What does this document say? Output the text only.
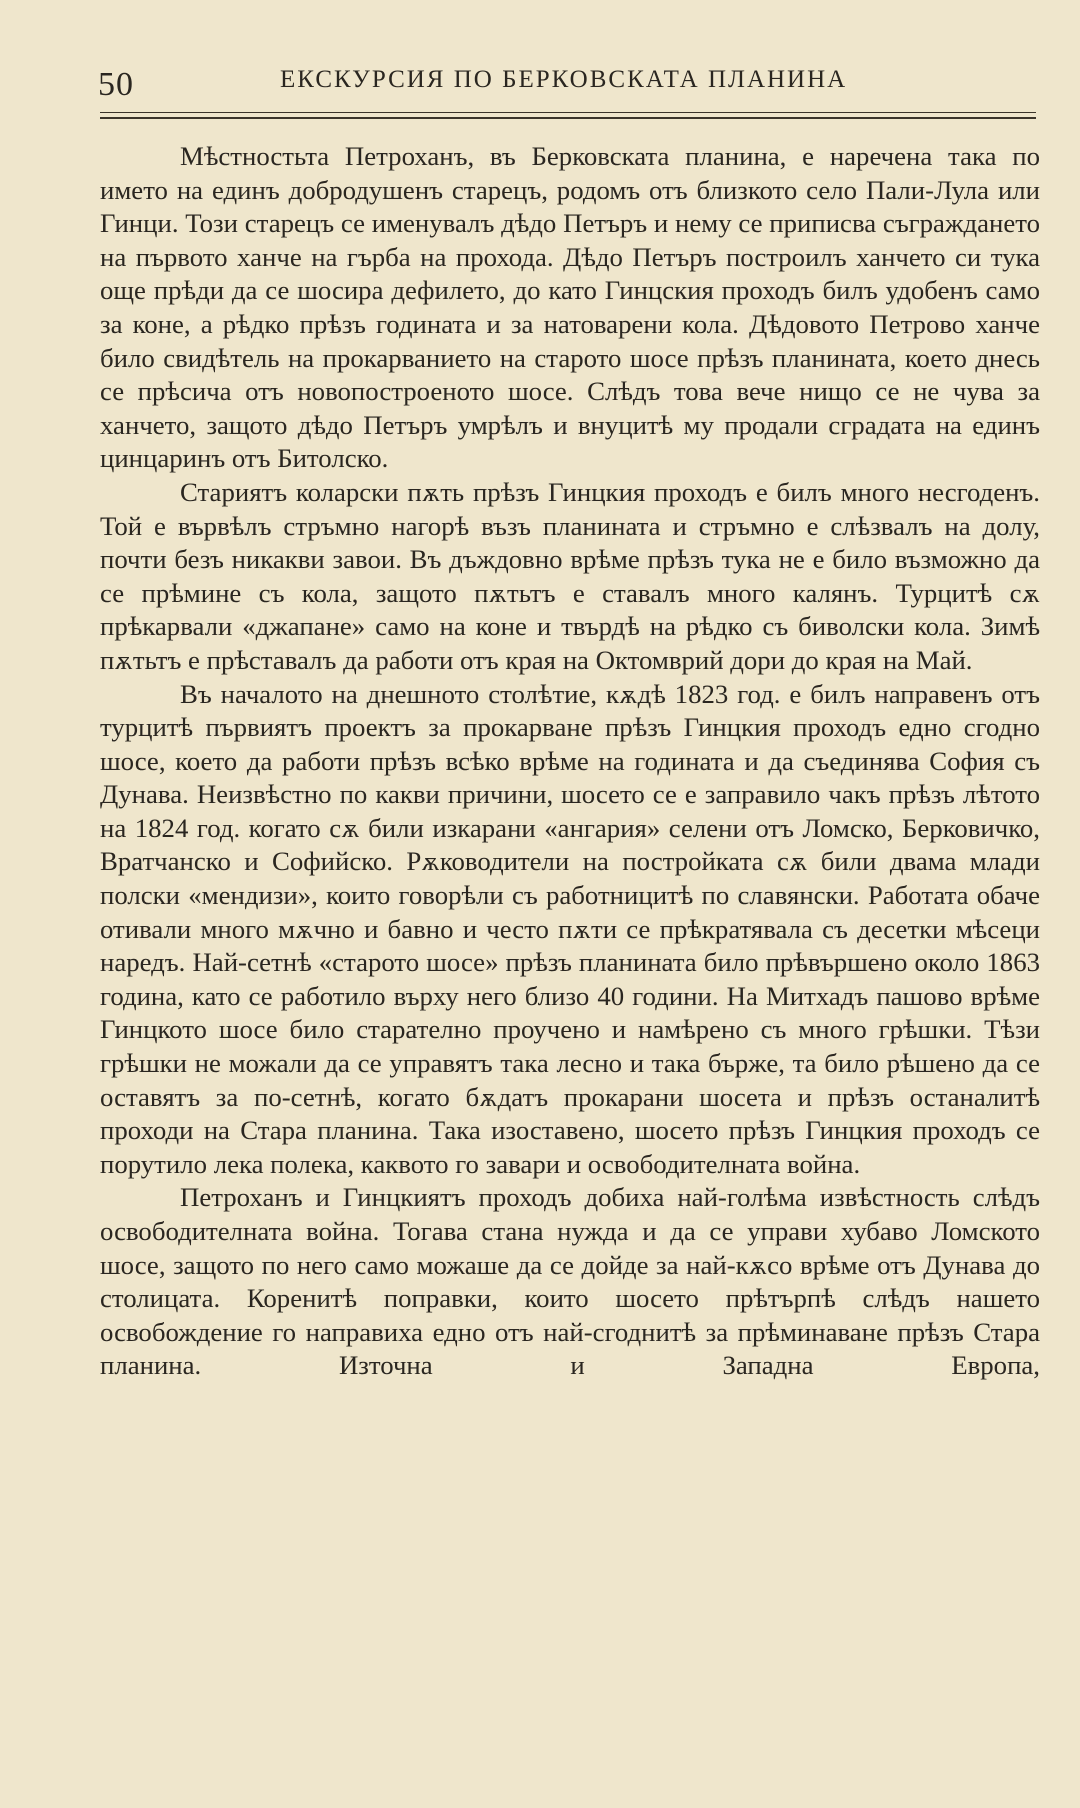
50	ЕКСКУРСИЯ ПО БЕРКОВСКАТА ПЛАНИНА

Мѣстностьта Петроханъ, въ Берковската планина, е наречена така по името на единъ добродушенъ старецъ, родомъ отъ близкото село Пали-Лула или Гинци. Този старецъ се именувалъ дѣдо Петъръ и нему се приписва съграждането на първото ханче на гърба на прохода. Дѣдо Петъръ построилъ ханчето си тука още прѣди да се шосира дефилето, до като Гинцския проходъ билъ удобенъ само за коне, а рѣдко прѣзъ годината и за натоварени кола. Дѣдовото Петрово ханче било свидѣтель на прокарванието на старото шосе прѣзъ планината, което днесь се прѣсича отъ новопостроеното шосе. Слѣдъ това вече нищо се не чува за ханчето, защото дѣдо Петъръ умрѣлъ и внуцитѣ му продали сградата на единъ цинцаринъ отъ Битолско.

Стариятъ коларски пѫть прѣзъ Гинцкия проходъ е билъ много несгоденъ. Той е вървѣлъ стръмно нагорѣ възъ планината и стръмно е слѣзвалъ на долу, почти безъ никакви завои. Въ дъждовно врѣме прѣзъ тука не е било възможно да се прѣмине съ кола, защото пѫтьтъ е ставалъ много калянъ. Турцитѣ сѫ прѣкарвали «джапане» само на коне и твърдѣ на рѣдко съ биволски кола. Зимѣ пѫтьтъ е прѣставалъ да работи отъ края на Октомврий дори до края на Май.

Въ началото на днешното столѣтие, кѫдѣ 1823 год. е билъ направенъ отъ турцитѣ първиятъ проектъ за прокарване прѣзъ Гинцкия проходъ едно сгодно шосе, което да работи прѣзъ всѣко врѣме на годината и да съединява София съ Дунава. Неизвѣстно по какви причини, шосето се е заправило чакъ прѣзъ лѣтото на 1824 год. когато сѫ били изкарани «ангария» селени отъ Ломско, Берковичко, Вратчанско и Софийско. Рѫководители на постройката сѫ били двама млади полски «мендизи», които говорѣли съ работницитѣ по славянски. Работата обаче отивали много мѫчно и бавно и често пѫти се прѣкратявала съ десетки мѣсеци наредъ. Най-сетнѣ «старото шосе» прѣзъ планината било прѣвършено около 1863 година, като се работило върху него близо 40 години. На Митхадъ пашово врѣме Гинцкото шосе било старателно проучено и намѣрено съ много грѣшки. Тѣзи грѣшки не можали да се управятъ така лесно и така бърже, та било рѣшено да се оставятъ за по-сетнѣ, когато бѫдатъ прокарани шосета и прѣзъ останалитѣ проходи на Стара планина. Така изоставено, шосето прѣзъ Гинцкия проходъ се порутило лека полека, каквото го завари и освободителната война.

Петроханъ и Гинцкиятъ проходъ добиха най-голѣма извѣстность слѣдъ освободителната война. Тогава стана нужда и да се управи хубаво Ломското шосе, защото по него само можаше да се дойде за най-кѫсо врѣме отъ Дунава до столицата. Коренитѣ поправки, които шосето прѣтърпѣ слѣдъ нашето освобождение го направиха едно отъ най-сгоднитѣ за прѣминаване прѣзъ Стара планина. Източна и Западна Европа,
